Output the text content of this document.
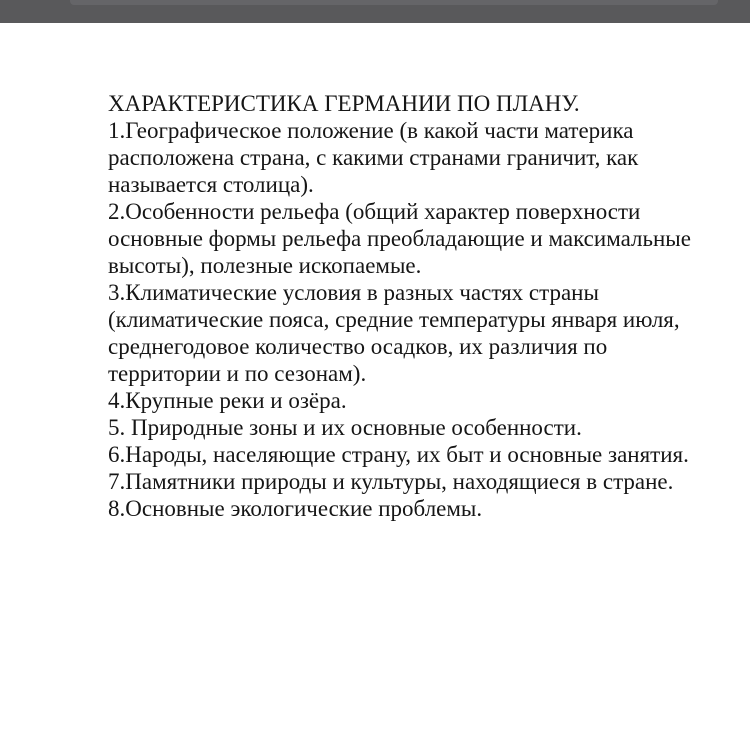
ХАРАКТЕРИСТИКА ГЕРМАНИИ ПО ПЛАНУ.
1.Географическое положение (в какой части материка
расположена страна, с какими странами граничит, как
называется столица).
2.Особенности рельефа (общий характер поверхности
основные формы рельефа преобладающие и максимальные
высоты), полезные ископаемые.
3.Климатические условия в разных частях страны
(климатические пояса, средние температуры января июля,
среднегодовое количество осадков, их различия по
территории и по сезонам).
4.Крупные реки и озёра.
5. Природные зоны и их основные особенности.
6.Народы, населяющие страну, их быт и основные занятия.
7.Памятники природы и культуры, находящиеся в стране.
8.Основные экологические проблемы.
